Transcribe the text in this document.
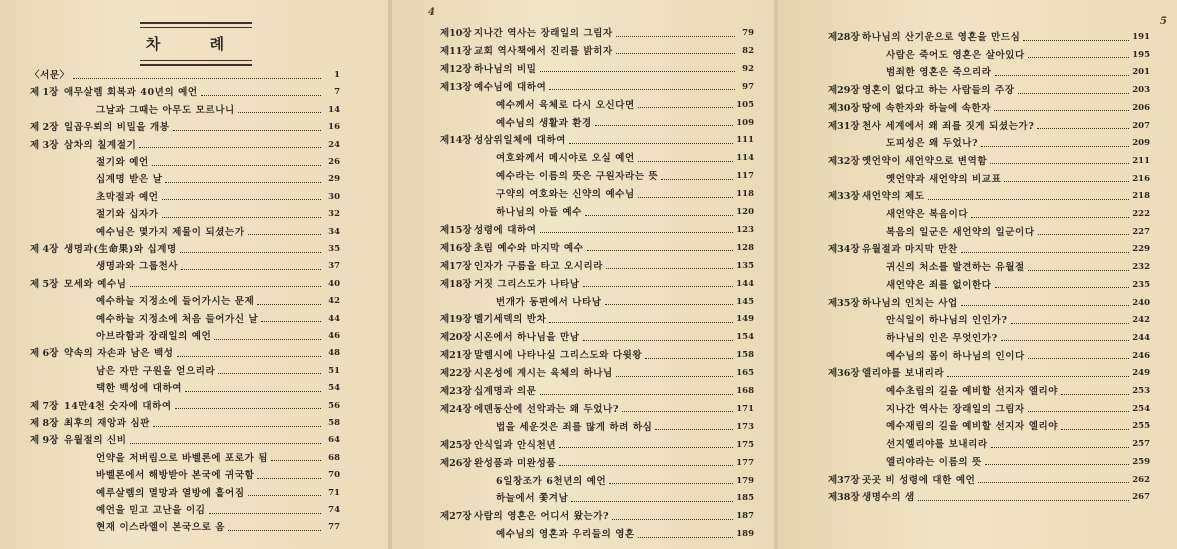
차 례
〈서문〉	1
제 1장 애무살렘 회복과 40년의 예언	7
그날과 그때는 아무도 모르나니	14
제 2장 일곱우뢰의 비밀을 개봉	16
제 3장 삼차의 칠계절기	24
절기와 예언	26
십계명 받은 날	29
초막절과 예언	30
절기와 십자가	32
예수님은 몇가지 제물이 되셨는가	34
제 4장 생명과(生命果)와 십계명	35
생명과와 그룹천사	37
제 5장 모세와 예수님	40
예수하늘 지정소에 들어가시는 문제	42
예수하늘 지정소에 처음 들어가신 날	44
아브라함과 장래일의 예언	46
제 6장 약속의 자손과 남은 백성	48
남은 자만 구원을 얻으리라	51
택한 백성에 대하여	54
제 7장 14만4천 숫자에 대하여	56
제 8장 최후의 재앙과 심판	58
제 9장 유월절의 신비	64
언약을 저버림으로 바벨론에 포로가 됨	68
바벨론에서 해방받아 본국에 귀국함	70
예루살렘의 멸망과 열방에 흩어짐	71
예언을 믿고 고난을 이김	74
현재 이스라엘이 본국으로 옴	77
4
제10장 지나간 역사는 장래일의 그림자	79
제11장 교회 역사책에서 진리를 밝히자	82
제12장 하나님의 비밀	92
제13장 예수님에 대하여	97
예수께서 육체로 다시 오신다면	105
예수님의 생활과 환경	109
제14장 성삼위일체에 대하여	111
여호와께서 메시야로 오실 예언	114
예수라는 이름의 뜻은 구원자라는 뜻	117
구약의 여호와는 신약의 예수님	118
하나님의 아들 예수	120
제15장 성령에 대하여	123
제16장 초림 예수와 마지막 예수	128
제17장 인자가 구름을 타고 오시리라	135
제18장 거짓 그리스도가 나타남	144
번개가 동편에서 나타남	145
제19장 멜기세덱의 반차	149
제20장 시온에서 하나님을 만남	154
제21장 말렘시에 나타나실 그리스도와 다윗왕	158
제22장 시온성에 계시는 육체의 하나님	165
제23장 십계명과 의문	168
제24장 에덴동산에 선악과는 왜 두었나?	171
법을 세운것은 죄를 많게 하려 하심	173
제25장 안식일과 안식천년	175
제26장 완성품과 미완성품	177
6일창조가 6천년의 예언	179
하늘에서 쫓겨남	185
제27장 사람의 영혼은 어디서 왔는가?	187
예수님의 영혼과 우리들의 영혼	189
5
제28장 하나님의 산기운으로 영혼을 만드심	191
사람은 죽어도 영혼은 살아있다	195
범죄한 영혼은 죽으리라	201
제29장 영혼이 없다고 하는 사람들의 주장	203
제30장 땅에 속한자와 하늘에 속한자	206
제31장 천사 세계에서 왜 죄를 짓게 되셨는가?	207
도피성은 왜 두었나?	209
제32장 옛언약이 새언약으로 변역함	211
옛언약과 새언약의 비교표	216
제33장 새언약의 제도	218
새언약은 복음이다	222
복음의 일군은 새언약의 일군이다	227
제34장 유월절과 마지막 만찬	229
귀신의 처소를 발견하는 유월절	232
새언약은 죄를 없이한다	235
제35장 하나님의 인치는 사업	240
안식일이 하나님의 인인가?	242
하나님의 인은 무엇인가?	244
예수님의 몸이 하나님의 인이다	246
제36장 엘리야를 보내리라	249
예수초림의 길을 예비할 선지자 엘리야	253
지나간 역사는 장래일의 그림자	254
예수재림의 길을 예비할 선지자 엘리야	255
선지엘리야를 보내리라	257
엘리야라는 이름의 뜻	259
제37장 곳곳 비 성령에 대한 예언	262
제38장 생명수의 샘	267
